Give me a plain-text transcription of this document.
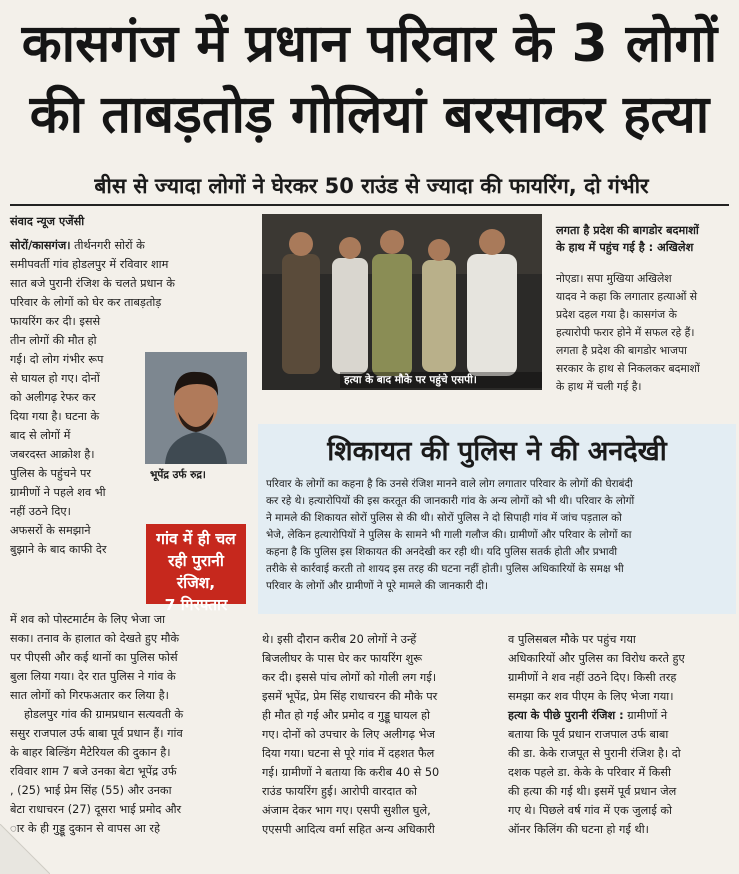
कासगंज में प्रधान परिवार के 3 लोगों
की ताबड़तोड़ गोलियां बरसाकर हत्या
बीस से ज्यादा लोगों ने घेरकर 50 राउंड से ज्यादा की फायरिंग, दो गंभीर
संवाद न्यूज एजेंसी
सोरों/कासगंज। तीर्थनगरी सोरों के
समीपवर्ती गांव होडलपुर में रविवार शाम
सात बजे पुरानी रंजिश के चलते प्रधान के
परिवार के लोगों को घेर कर ताबड़तोड़
फायरिंग कर दी। इससे
तीन लोगों की मौत हो
गई। दो लोग गंभीर रूप
से घायल हो गए। दोनों
को अलीगढ़ रेफर कर
दिया गया है। घटना के
बाद से लोगों में
जबरदस्त आक्रोश है।
पुलिस के पहुंचने पर
ग्रामीणों ने पहले शव भी
नहीं उठने दिए।
अफसरों के समझाने
बुझाने के बाद काफी देर
भूपेंद्र उर्फ रुद्र।
गांव में ही चल
रही पुरानी रंजिश,
7 गिरफ्तार
में शव को पोस्टमार्टम के लिए भेजा जा
सका। तनाव के हालात को देखते हुए मौके
पर पीएसी और कई थानों का पुलिस फोर्स
बुला लिया गया। देर रात पुलिस ने गांव के
सात लोगों को गिरफअतार कर लिया है।
होडलपुर गांव की ग्रामप्रधान सत्यवती के
ससुर राजपाल उर्फ बाबा पूर्व प्रधान हैं। गांव
के बाहर बिल्डिंग मैटेरियल की दुकान है।
रविवार शाम 7 बजे उनका बेटा भूपेंद्र उर्फ
, (25) भाई प्रेम सिंह (55) और उनका
बेटा राधाचरन (27) दूसरा भाई प्रमोद और
ार के ही गुड्डू दुकान से वापस आ रहे
हत्या के बाद मौके पर पहुंचे एसपी।
लगता है प्रदेश की बागडोर बदमाशों
के हाथ में पहुंच गई है : अखिलेश
नोएडा। सपा मुखिया अखिलेश
यादव ने कहा कि लगातार हत्याओं से
प्रदेश दहल गया है। कासगंज के
हत्यारोपी फरार होने में सफल रहे हैं।
लगता है प्रदेश की बागडोर भाजपा
सरकार के हाथ से निकलकर बदमाशों
के हाथ में चली गई है।
शिकायत की पुलिस ने की अनदेखी
परिवार के लोगों का कहना है कि उनसे रंजिश मानने वाले लोग लगातार परिवार के लोगों की घेराबंदी
कर रहे थे। हत्यारोपियों की इस करतूत की जानकारी गांव के अन्य लोगों को भी थी। परिवार के लोगों
ने मामले की शिकायत सोरों पुलिस से की थी। सोरों पुलिस ने दो सिपाही गांव में जांच पड़ताल को
भेजे, लेकिन हत्यारोपियों ने पुलिस के सामने भी गाली गलौज की। ग्रामीणों और परिवार के लोगों का
कहना है कि पुलिस इस शिकायत की अनदेखी कर रही थी। यदि पुलिस सतर्क होती और प्रभावी
तरीके से कार्रवाई करती तो शायद इस तरह की घटना नहीं होती। पुलिस अधिकारियों के समक्ष भी
परिवार के लोगों और ग्रामीणों ने पूरे मामले की जानकारी दी।
थे। इसी दौरान करीब 20 लोगों ने उन्हें
बिजलीघर के पास घेर कर फायरिंग शुरू
कर दी। इससे पांच लोगों को गोली लग गई।
इसमें भूपेंद्र, प्रेम सिंह राधाचरन की मौके पर
ही मौत हो गई और प्रमोद व गुड्डू घायल हो
गए। दोनों को उपचार के लिए अलीगढ़ भेज
दिया गया। घटना से पूरे गांव में दहशत फैल
गई। ग्रामीणों ने बताया कि करीब 40 से 50
राउंड फायरिंग हुई। आरोपी वारदात को
अंजाम देकर भाग गए। एसपी सुशील घुले,
एएसपी आदित्य वर्मा सहित अन्य अधिकारी
व पुलिसबल मौके पर पहुंच गया
अधिकारियों और पुलिस का विरोध करते हुए
ग्रामीणों ने शव नहीं उठने दिए। किसी तरह
समझा कर शव पीएम के लिए भेजा गया।
हत्या के पीछे पुरानी रंजिश : ग्रामीणों ने
बताया कि पूर्व प्रधान राजपाल उर्फ बाबा
की डा. केके राजपूत से पुरानी रंजिश है। दो
दशक पहले डा. केके के परिवार में किसी
की हत्या की गई थी। इसमें पूर्व प्रधान जेल
गए थे। पिछले वर्ष गांव में एक जुलाई को
ऑनर किलिंग की घटना हो गई थी।
